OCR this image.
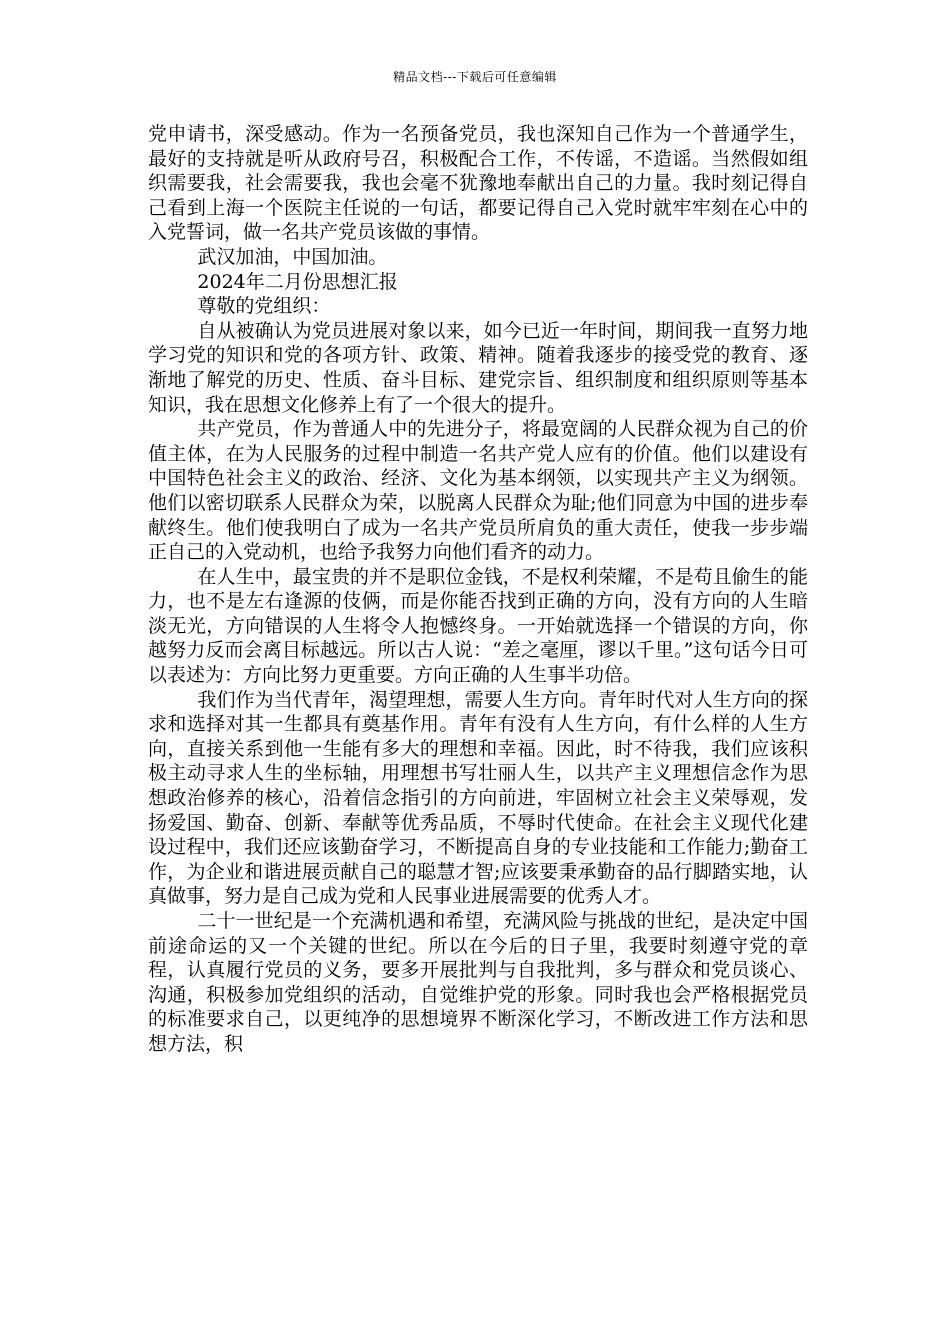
精品文档---下载后可任意编辑

党申请书，深受感动。作为一名预备党员，我也深知自己作为一个普通学生，最好的支持就是听从政府号召，积极配合工作，不传谣，不造谣。当然假如组织需要我，社会需要我，我也会毫不犹豫地奉献出自己的力量。我时刻记得自己看到上海一个医院主任说的一句话，都要记得自己入党时就牢牢刻在心中的入党誓词，做一名共产党员该做的事情。

武汉加油，中国加油。

2024年二月份思想汇报

尊敬的党组织：

自从被确认为党员进展对象以来，如今已近一年时间，期间我一直努力地学习党的知识和党的各项方针、政策、精神。随着我逐步的接受党的教育、逐渐地了解党的历史、性质、奋斗目标、建党宗旨、组织制度和组织原则等基本知识，我在思想文化修养上有了一个很大的提升。

共产党员，作为普通人中的先进分子，将最宽阔的人民群众视为自己的价值主体，在为人民服务的过程中制造一名共产党人应有的价值。他们以建设有中国特色社会主义的政治、经济、文化为基本纲领，以实现共产主义为纲领。他们以密切联系人民群众为荣，以脱离人民群众为耻;他们同意为中国的进步奉献终生。他们使我明白了成为一名共产党员所肩负的重大责任，使我一步步端正自己的入党动机，也给予我努力向他们看齐的动力。

在人生中，最宝贵的并不是职位金钱，不是权利荣耀，不是苟且偷生的能力，也不是左右逢源的伎俩，而是你能否找到正确的方向，没有方向的人生暗淡无光，方向错误的人生将令人抱憾终身。一开始就选择一个错误的方向，你越努力反而会离目标越远。所以古人说：“差之毫厘，谬以千里。”这句话今日可以表述为：方向比努力更重要。方向正确的人生事半功倍。

我们作为当代青年，渴望理想，需要人生方向。青年时代对人生方向的探求和选择对其一生都具有奠基作用。青年有没有人生方向，有什么样的人生方向，直接关系到他一生能有多大的理想和幸福。因此，时不待我，我们应该积极主动寻求人生的坐标轴，用理想书写壮丽人生，以共产主义理想信念作为思想政治修养的核心，沿着信念指引的方向前进，牢固树立社会主义荣辱观，发扬爱国、勤奋、创新、奉献等优秀品质，不辱时代使命。在社会主义现代化建设过程中，我们还应该勤奋学习，不断提高自身的专业技能和工作能力;勤奋工作，为企业和谐进展贡献自己的聪慧才智;应该要秉承勤奋的品行脚踏实地，认真做事，努力是自己成为党和人民事业进展需要的优秀人才。

二十一世纪是一个充满机遇和希望，充满风险与挑战的世纪，是决定中国前途命运的又一个关键的世纪。所以在今后的日子里，我要时刻遵守党的章程，认真履行党员的义务，要多开展批判与自我批判，多与群众和党员谈心、沟通，积极参加党组织的活动，自觉维护党的形象。同时我也会严格根据党员的标准要求自己，以更纯净的思想境界不断深化学习，不断改进工作方法和思想方法，积
